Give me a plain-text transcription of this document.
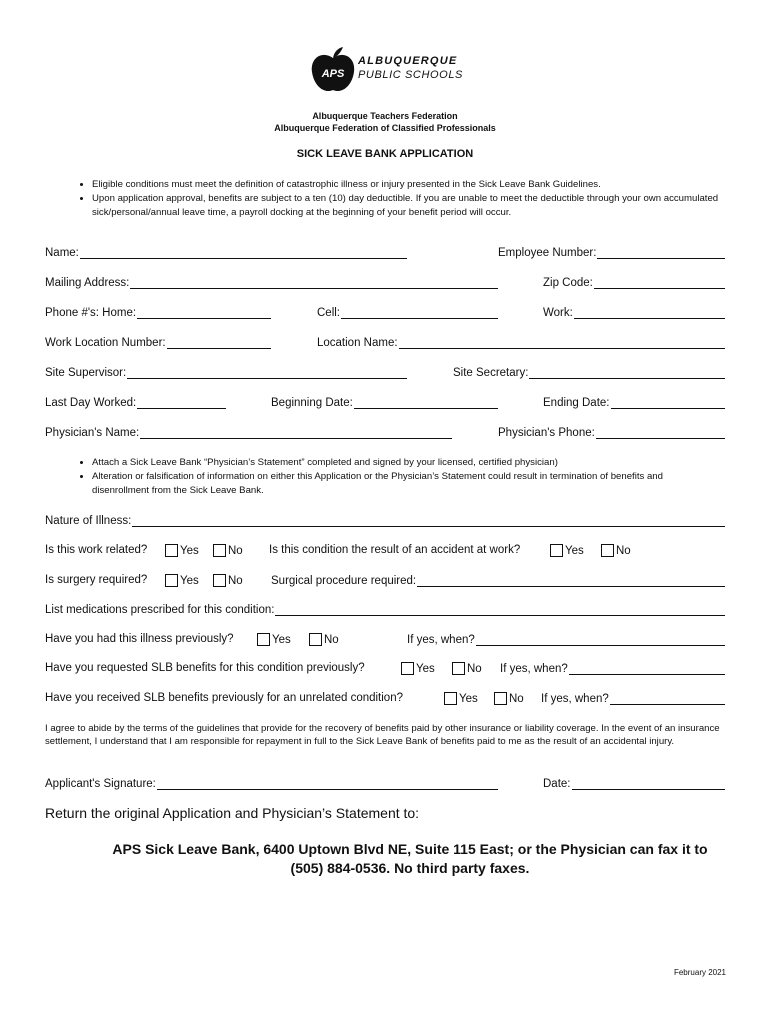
APS
ALBUQUERQUE
PUBLIC SCHOOLS
Albuquerque Teachers Federation
Albuquerque Federation of Classified Professionals
SICK LEAVE BANK APPLICATION
• Eligible conditions must meet the definition of catastrophic illness or injury presented in the Sick Leave Bank Guidelines.
• Upon application approval, benefits are subject to a ten (10) day deductible. If you are unable to meet the deductible through your own accumulated sick/personal/annual leave time, a payroll docking at the beginning of your benefit period will occur.
Name:	Employee Number:
Mailing Address:	Zip Code:
Phone #'s: Home:	Cell:	Work:
Work Location Number:	Location Name:
Site Supervisor:	Site Secretary:
Last Day Worked:	Beginning Date:	Ending Date:
Physician's Name:	Physician's Phone:
• Attach a Sick Leave Bank “Physician’s Statement” completed and signed by your licensed, certified physician)
• Alteration or falsification of information on either this Application or the Physician’s Statement could result in termination of benefits and disenrollment from the Sick Leave Bank.
Nature of Illness:
Is this work related?	Yes	No Is this condition the result of an accident at work?	Yes	No
Is surgery required?	Yes	No Surgical procedure required:
List medications prescribed for this condition:
Have you had this illness previously?	Yes	No	If yes, when?
Have you requested SLB benefits for this condition previously?	Yes	No If yes, when?
Have you received SLB benefits previously for an unrelated condition?	Yes	No If yes, when?
I agree to abide by the terms of the guidelines that provide for the recovery of benefits paid by other insurance or liability coverage. In the event of an insurance settlement, I understand that I am responsible for repayment in full to the Sick Leave Bank of benefits paid to me as the result of an accidental injury.
Applicant's Signature:	Date:
Return the original Application and Physician’s Statement to:
APS Sick Leave Bank, 6400 Uptown Blvd NE, Suite 115 East; or the Physician can fax it to
(505) 884-0536. No third party faxes.
February 2021
